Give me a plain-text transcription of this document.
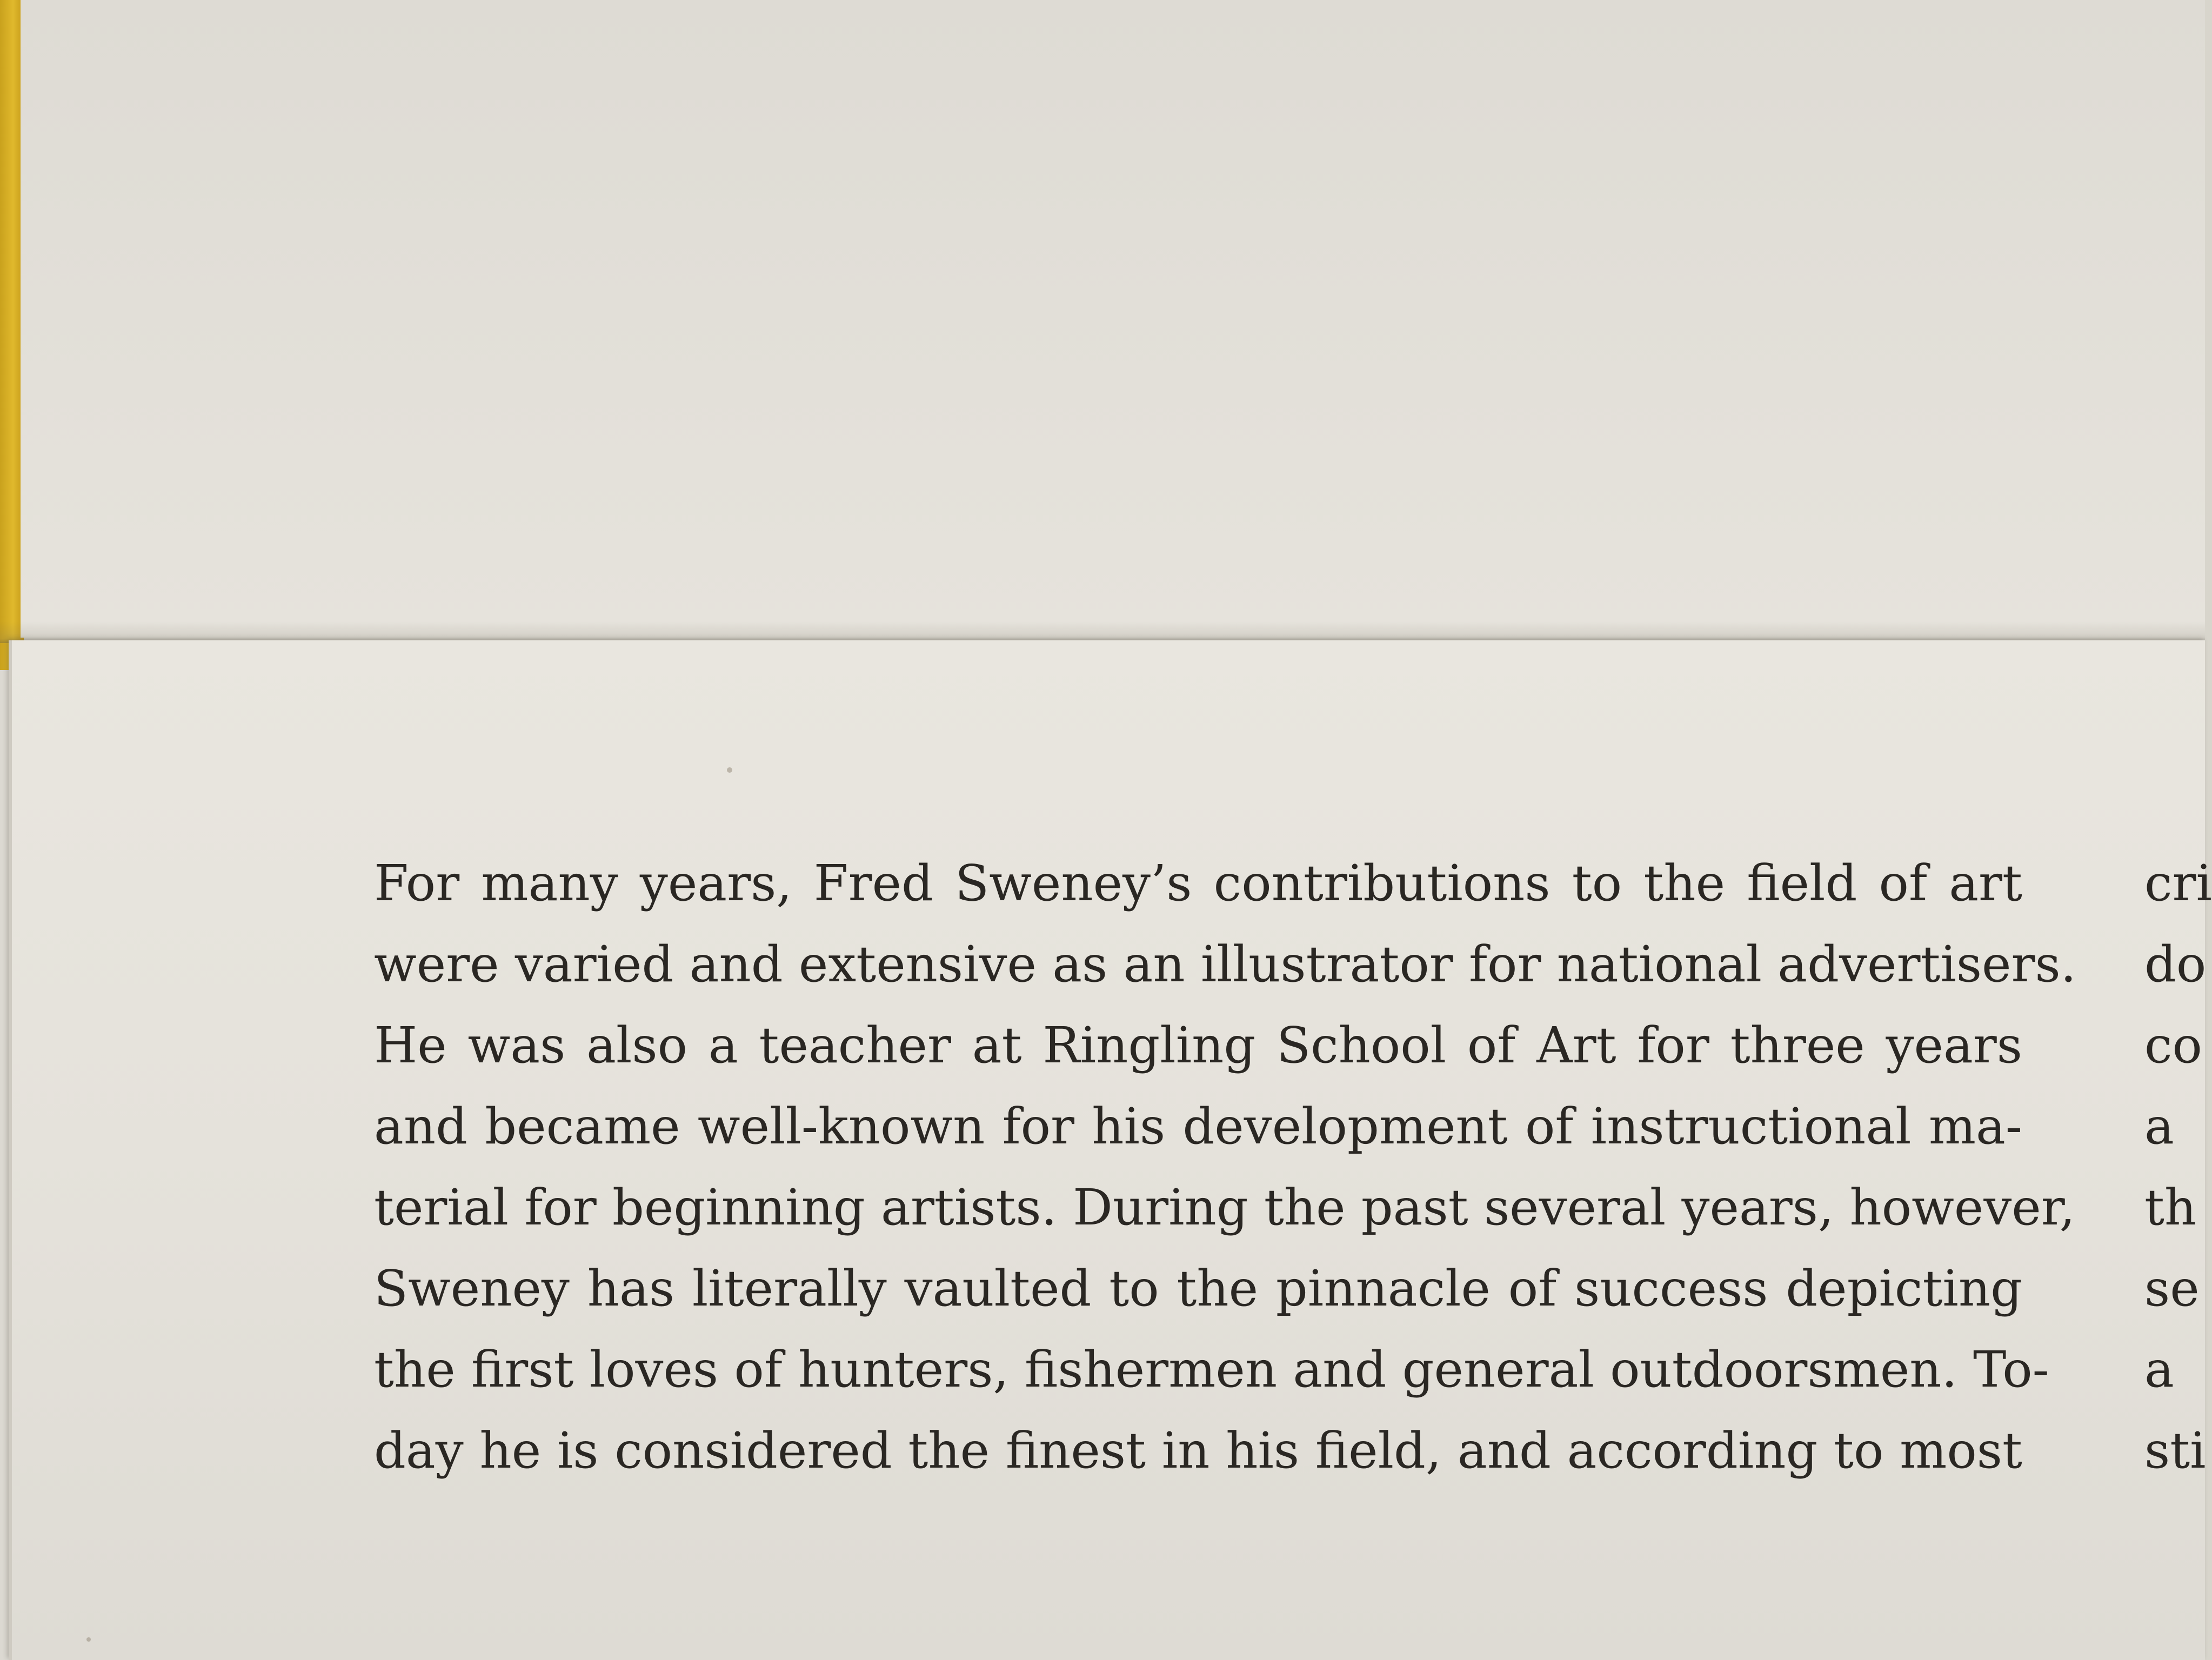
For many years, Fred Sweney’s contributions to the field of art
were varied and extensive as an illustrator for national advertisers.
He was also a teacher at Ringling School of Art for three years
and became well-known for his development of instructional ma-
terial for beginning artists. During the past several years, however,
Sweney has literally vaulted to the pinnacle of success depicting
the first loves of hunters, fishermen and general outdoorsmen. To-
day he is considered the finest in his field, and according to most
cri
do
co
a
th
se
a
sti
